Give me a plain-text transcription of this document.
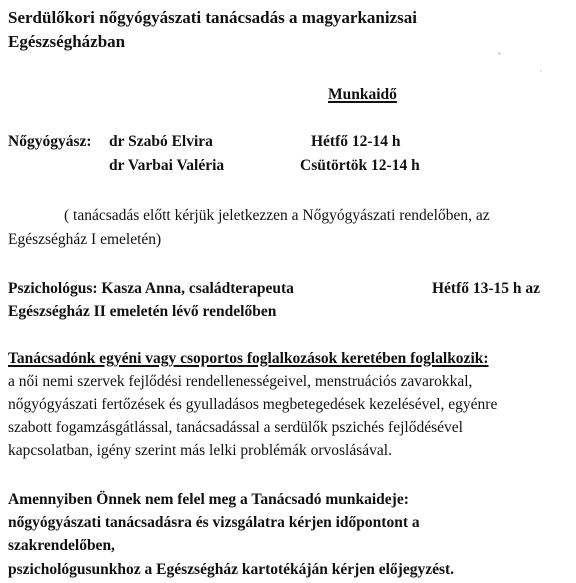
Serdülőkori nőgyógyászati tanácsadás a magyarkanizsai
Egészségházban
Munkaidő
Nőgyógyász: dr Szabó Elvira	Hétfő 12-14 h
dr Varbai Valéria	Csütörtök 12-14 h
( tanácsadás előtt kérjük jeletkezzen a Nőgyógyászati rendelőben, az
Egészségház I emeletén)
Pszichológus: Kasza Anna, családterapeuta	Hétfő 13-15 h az
Egészségház II emeletén lévő rendelőben
Tanácsadónk egyéni vagy csoportos foglalkozások keretében foglalkozik:
a női nemi szervek fejlődési rendellenességeivel, menstruációs zavarokkal,
nőgyógyászati fertőzések és gyulladásos megbetegedések kezelésével, egyénre
szabott fogamzásgátlással, tanácsadással a serdülők pszichés fejlődésével
kapcsolatban, igény szerint más lelki problémák orvoslásával.
Amennyiben Önnek nem felel meg a Tanácsadó munkaideje:
nőgyógyászati tanácsadásra és vizsgálatra kérjen időpontont a
szakrendelőben,
pszichológusunkhoz a Egészségház kartotékáján kérjen előjegyzést.
